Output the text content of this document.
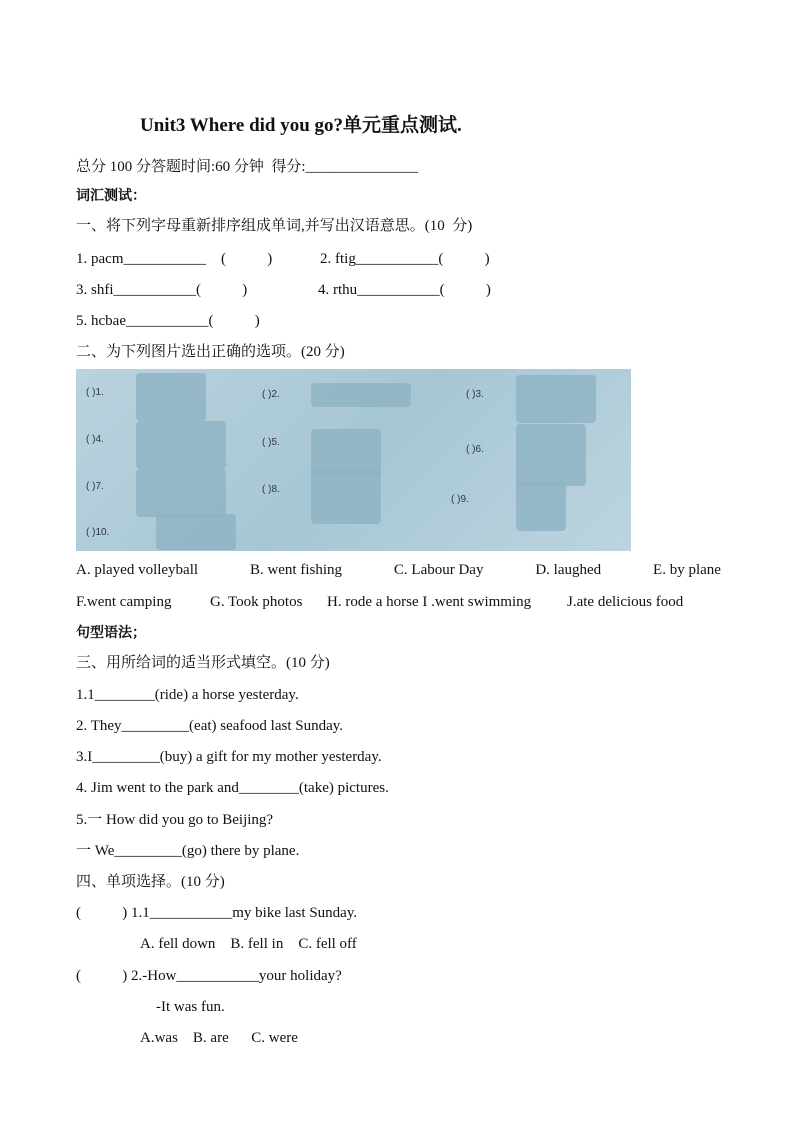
Unit3 Where did you go?单元重点测试.
总分 100 分答题时间:60 分钟  得分:_______________
词汇测试：
一、将下列字母重新排序组成单词,并写出汉语意思。(10  分)
1. pacm___________    (           )	2. ftig___________(           )
3. shfi___________(           )	4. rthu___________(           )
5. hcbae___________(           )
二、为下列图片选出正确的选项。(20 分)
( )1.	( )2.	( )3.
( )4.	( )5.
( )6.
( )7.	( )8.
( )9.
( )10.
A. played volleyball	B. went fishing	C. Labour Day	D. laughed	E. by plane
F.went camping	G. Took photos H. rode a horse I .went swimming J.ate delicious food
句型语法；
三、用所给词的适当形式填空。(10 分)
1.1________(ride) a horse yesterday.
2. They_________(eat) seafood last Sunday.
3.I_________(buy) a gift for my mother yesterday.
4. Jim went to the park and________(take) pictures.
5.一 How did you go to Beijing?
一 We_________(go) there by plane.
四、单项选择。(10 分)
(           ) 1.1___________my bike last Sunday.
A. fell down    B. fell in    C. fell off
(           ) 2.-How___________your holiday?
-It was fun.
A.was    B. are      C. were
